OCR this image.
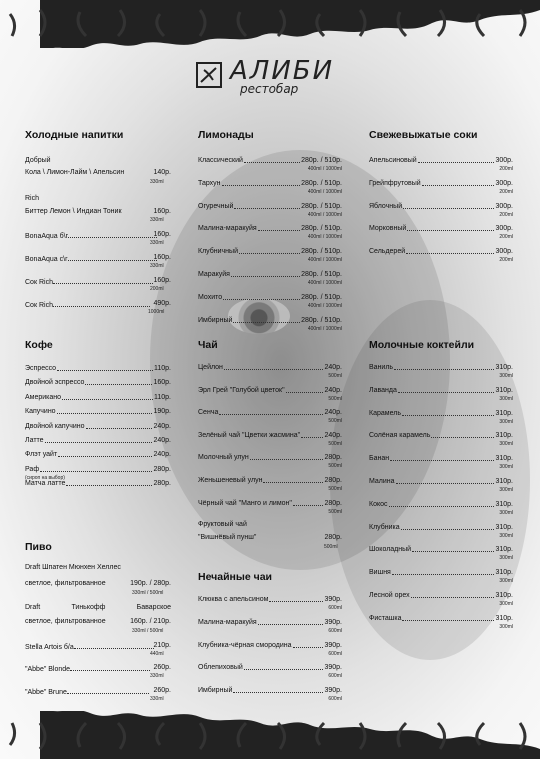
АЛИБИ
рестобар
Холодные напитки
Добрый
Кола \ Лимон-Лайм \ Апельсин	140р.
330ml
Rich
Биттер Лемон \ Индиан Тоник	160р.
330ml
BonaAqua б\г	160р.
330ml
BonaAqua с\г	160р.
330ml
Сок Rich	160р.
200ml
Сок Rich	490р.
1000ml
Кофе
Пиво
Draft Шпатен Мюнхен Хеллес
светлое, фильтрованное	190р. / 280р.
330ml / 500ml
Draft	Тинькофф	Баварское
светлое, фильтрованное	160р. / 210р.
330ml / 500ml
Stella Artois б/a	210р.
440ml
"Abbe" Blonde	260р.
330ml
"Abbe" Brune	260р.
330ml
Лимонады
Чай
Фруктовый чай
"Вишнёвый пунш"	280р.
500ml
Нечайные чаи
Свежевыжатые соки
Молочные коктейли
Эспрессо	110р.
Двойной эспрессо	160р.
Американо	110р.
Капучино	190р.
Двойной капучино	240р.
Латте	240р.
Флэт уайт	240р.
Раф	280р.
(сироп на выбор)
Матча латте	280р.
Классический	280р. / 510р.
400ml / 1000ml
Тархун	280р. / 510р.
400ml / 1000ml
Огуречный	280р. / 510р.
400ml / 1000ml
Малина-маракуйя	280р. / 510р.
400ml / 1000ml
Клубничный	280р. / 510р.
400ml / 1000ml
Маракуйя	280р. / 510р.
400ml / 1000ml
Мохито	280р. / 510р.
400ml / 1000ml
Имбирный	280р. / 510р.
400ml / 1000ml
Цейлон	240р.
500ml
Эрл Грей "Голубой цветок"	240р.
500ml
Сенча	240р.
500ml
Зелёный чай "Цветки жасмина"	240р.
500ml
Молочный улун	280р.
500ml
Женьшеневый улун	280р.
500ml
Чёрный чай "Манго и лимон"	280р.
500ml
Клюква с апельсином	390р.
600ml
Малина-маракуйя	390р.
600ml
Клубника-чёрная смородина	390р.
600ml
Облепиховый	390р.
600ml
Имбирный	390р.
600ml
Апельсиновый	300р.
200ml
Грейпфрутовый	300р.
200ml
Яблочный	300р.
200ml
Морковный	300р.
200ml
Сельдерей	300р.
200ml
Ваниль	310р.
300ml
Лаванда	310р.
300ml
Карамель	310р.
300ml
Солёная карамель	310р.
300ml
Банан	310р.
300ml
Малина	310р.
300ml
Кокос	310р.
300ml
Клубника	310р.
300ml
Шоколадный	310р.
300ml
Вишня	310р.
300ml
Лесной орех	310р.
300ml
Фисташка	310р.
300ml
